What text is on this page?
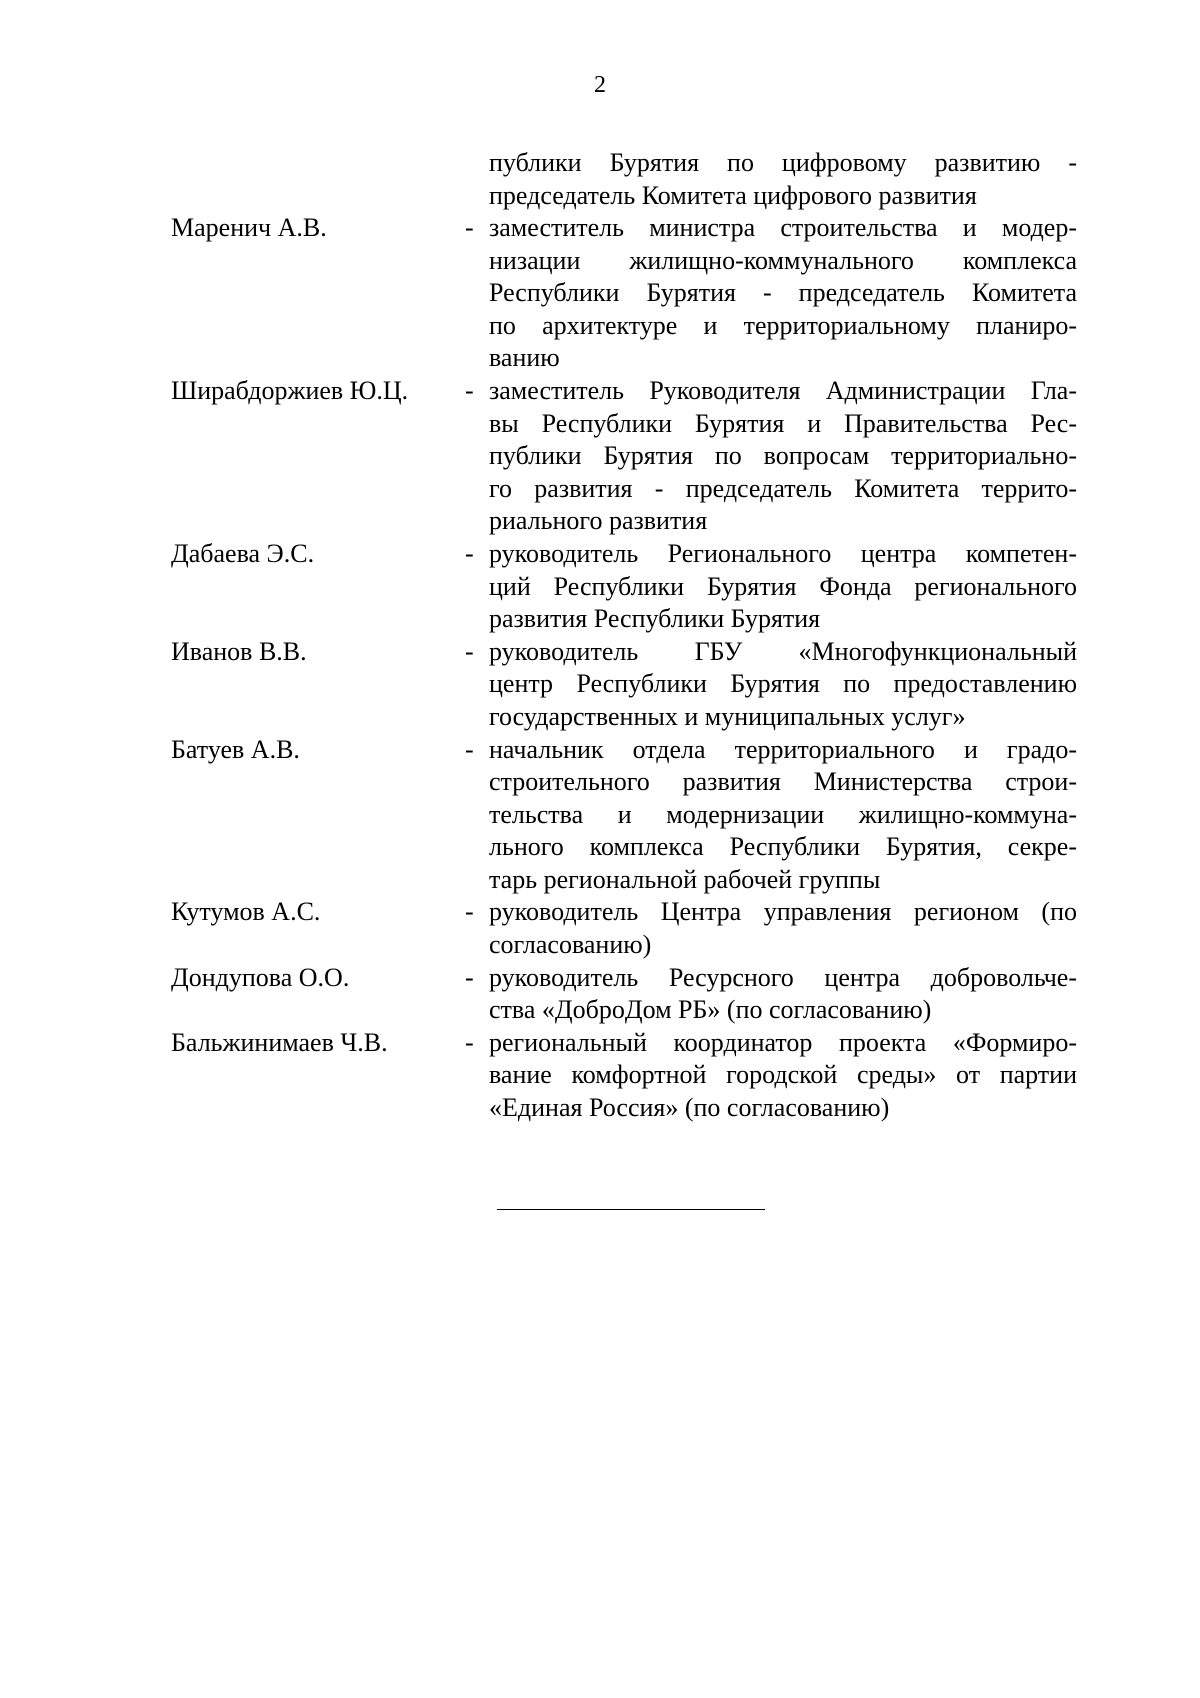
2
публики Бурятия по цифровому развитию -
председатель Комитета цифрового развития
Маренич А.В.	- заместитель министра строительства и модер-
низации жилищно-коммунального комплекса
Республики Бурятия - председатель Комитета
по архитектуре и территориальному планиро-
ванию
Ширабдоржиев Ю.Ц.	- заместитель Руководителя Администрации Гла-
вы Республики Бурятия и Правительства Рес-
публики Бурятия по вопросам территориально-
го развития - председатель Комитета террито-
риального развития
Дабаева Э.С.	- руководитель Регионального центра компетен-
ций Республики Бурятия Фонда регионального
развития Республики Бурятия
Иванов В.В.	- руководитель ГБУ «Многофункциональный
центр Республики Бурятия по предоставлению
государственных и муниципальных услуг»
Батуев А.В.	- начальник отдела территориального и градо-
строительного развития Министерства строи-
тельства и модернизации жилищно-коммуна-
льного комплекса Республики Бурятия, секре-
тарь региональной рабочей группы
Кутумов А.С.	- руководитель Центра управления регионом (по
согласованию)
Дондупова О.О.	- руководитель Ресурсного центра добровольче-
ства «ДоброДом РБ» (по согласованию)
Бальжинимаев Ч.В.	- региональный координатор проекта «Формиро-
вание комфортной городской среды» от партии
«Единая Россия» (по согласованию)
